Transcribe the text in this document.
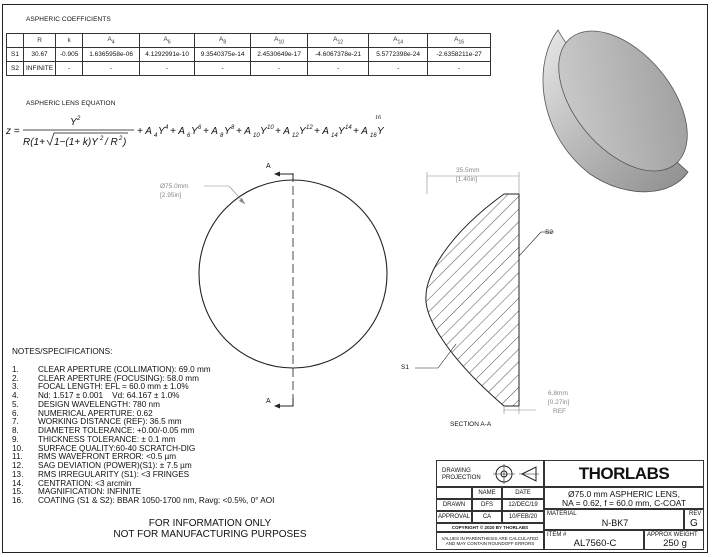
ASPHERIC COEFFICIENTS
	R	k	$A_4$	$A_6$	$A_8$	$A_{10}$	$A_{12}$	$A_{14}$	$A_{16}$
S1	30.67	-0.905	1.6365958e-06	4.1292991e-10	9.3540375e-14	2.4530649e-17	-4.6067378e-21	5.5772398e-24	-2.6358211e-27
S2	INFINITE	-	-	-	-	-	-	-	-
ASPHERIC LENS EQUATION
z =
Y 2
R(1+ 1−(1+ k)Y 2 / R 2 )
+ A 4 Y 4 + A 6 Y 6 + A 8 Y 8 + A 10 Y 10 + A 12 Y 12 + A 14 Y 14 + A 16 Y
16
A
A
Ø75.0mm
[2.95in]
35.5mm
[1.40in]
S2
S1
6.8mm
[0.27in]
REF
SECTION A-A
NOTES/SPECIFICATIONS:
1.	CLEAR APERTURE (COLLIMATION): 69.0 mm
2.	CLEAR APERTURE (FOCUSING): 58.0 mm
3.	FOCAL LENGTH: EFL = 60.0 mm ± 1.0%
4.	Nd: 1.517 ± 0.001    Vd: 64.167 ± 1.0%
5.	DESIGN WAVELENGTH: 780 nm
6.	NUMERICAL APERTURE: 0.62
7.	WORKING DISTANCE (REF): 36.5 mm
8.	DIAMETER TOLERANCE: +0.00/-0.05 mm
9.	THICKNESS TOLERANCE: ± 0.1 mm
10.	SURFACE QUALITY:60-40 SCRATCH-DIG
11.	RMS WAVEFRONT ERROR: <0.5 µm
12.	SAG DEVIATION (POWER)(S1): ± 7.5 µm
13.	RMS IRREGULARITY (S1): <3 FRINGES
14.	CENTRATION: <3 arcmin
15.	MAGNIFICATION: INFINITE
16.	COATING (S1 & S2): BBAR 1050-1700 nm, Ravg: <0.5%, 0° AOI
FOR INFORMATION ONLY
NOT FOR MANUFACTURING PURPOSES
DRAWING PROJECTION	THORLABS
NAME	DATE
DRAWN	DFS	12/DEC/19
APPROVAL	CA	10/FEB/20
COPYRIGHT © 2020 BY THORLABS
VALUES IN PARENTHESIS ARE CALCULATED
AND MAY CONTAIN ROUNDOFF ERRORS
Ø75.0 mm ASPHERIC LENS,
NA = 0.62, f = 60.0 mm, C-COAT
MATERIAL
N-BK7
REV
G
ITEM #
AL7560-C
APPROX WEIGHT
250 g
